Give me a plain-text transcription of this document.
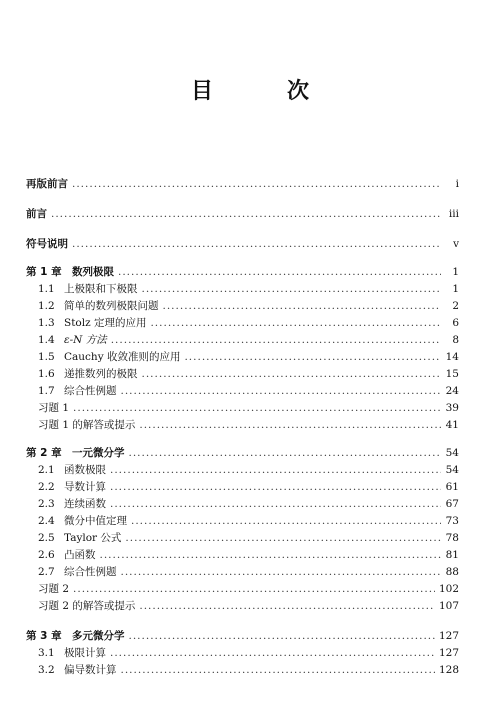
目　次
再版前言 .....	i
前言 .....	iii
符号说明 .....	v
第 1 章 数列极限 .....	1
1.1 上极限和下极限 .....	1
1.2 简单的数列极限问题 .....	2
1.3 Stolz 定理的应用 .....	6
1.4 ε-N 方法 .....	8
1.5 Cauchy 收敛准则的应用 .....	14
1.6 递推数列的极限 .....	15
1.7 综合性例题 .....	24
习题 1 .....	39
习题 1 的解答或提示 .....	41
第 2 章 一元微分学 .....	54
2.1 函数极限 .....	54
2.2 导数计算 .....	61
2.3 连续函数 .....	67
2.4 微分中值定理 .....	73
2.5 Taylor 公式 .....	78
2.6 凸函数 .....	81
2.7 综合性例题 .....	88
习题 2 .....	102
习题 2 的解答或提示 .....	107
第 3 章 多元微分学 .....	127
3.1 极限计算 .....	127
3.2 偏导数计算 .....	128
